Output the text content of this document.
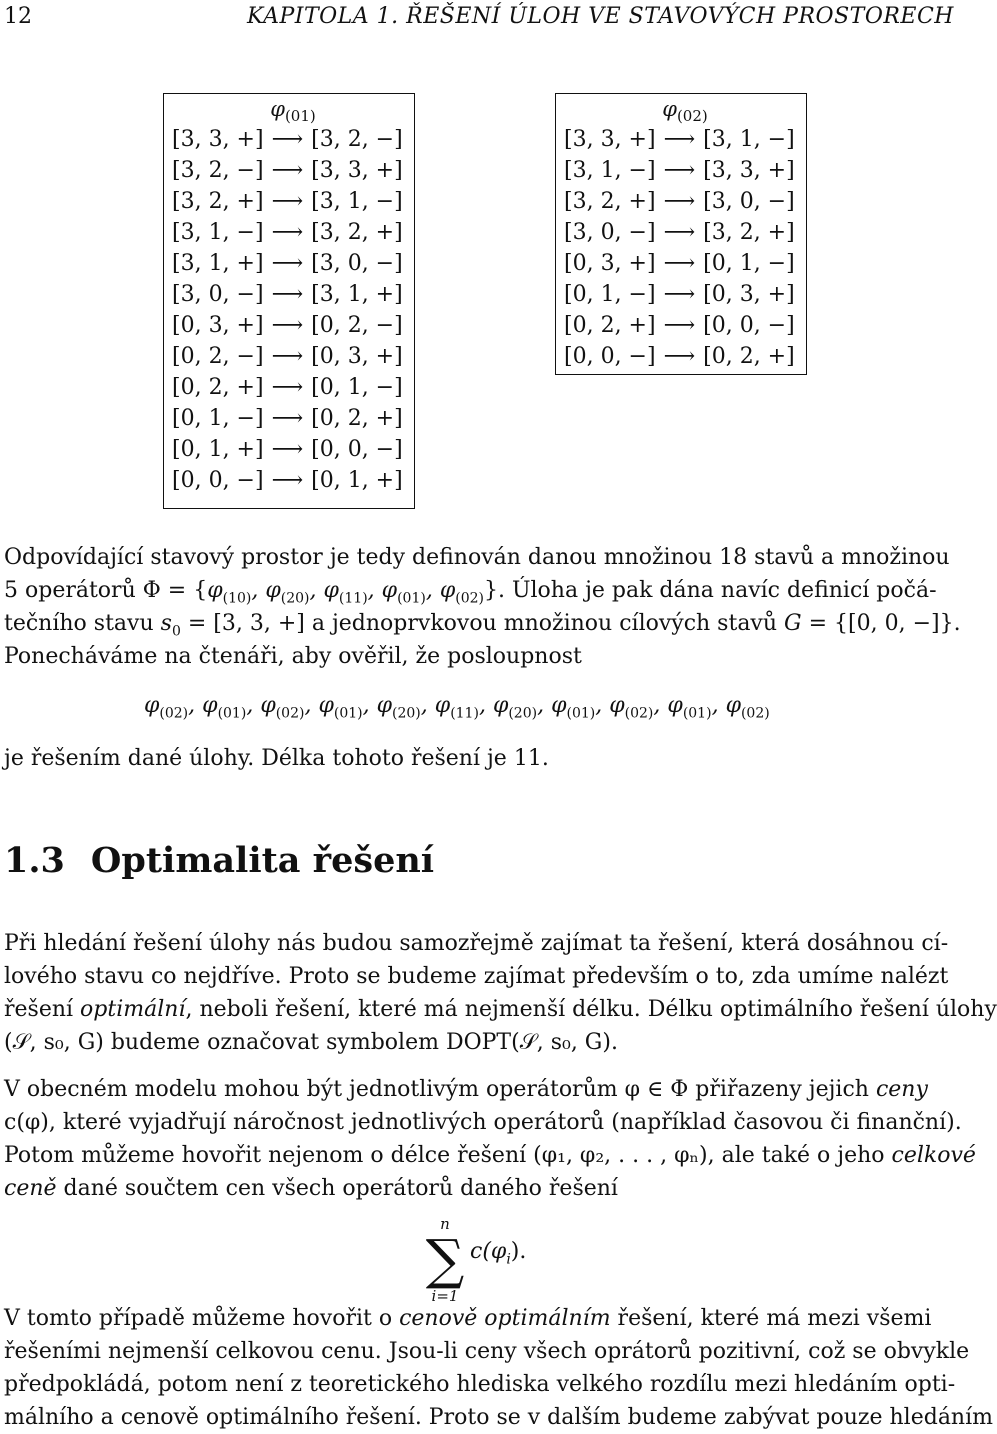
12	KAPITOLA 1. ŘEŠENÍ ÚLOH VE STAVOVÝCH PROSTORECH
$\varphi_{(01)}$
[3, 3, +] ⟶ [3, 2, −]
[3, 2, −] ⟶ [3, 3, +]
[3, 2, +] ⟶ [3, 1, −]
[3, 1, −] ⟶ [3, 2, +]
[3, 1, +] ⟶ [3, 0, −]
[3, 0, −] ⟶ [3, 1, +]
[0, 3, +] ⟶ [0, 2, −]
[0, 2, −] ⟶ [0, 3, +]
[0, 2, +] ⟶ [0, 1, −]
[0, 1, −] ⟶ [0, 2, +]
[0, 1, +] ⟶ [0, 0, −]
[0, 0, −] ⟶ [0, 1, +]
$\varphi_{(02)}$
[3, 3, +] ⟶ [3, 1, −]
[3, 1, −] ⟶ [3, 3, +]
[3, 2, +] ⟶ [3, 0, −]
[3, 0, −] ⟶ [3, 2, +]
[0, 3, +] ⟶ [0, 1, −]
[0, 1, −] ⟶ [0, 3, +]
[0, 2, +] ⟶ [0, 0, −]
[0, 0, −] ⟶ [0, 2, +]
Odpovídající stavový prostor je tedy definován danou množinou 18 stavů a množinou
5 operátorů $\Phi = \{\varphi_{(10)}$, $\varphi_{(20)}$, $\varphi_{(11)}$, $\varphi_{(01)}$, $\varphi_{(02)}$}. Úloha je pak dána navíc definicí počá-
tečního stavu $s_0 = [3$, 3, +] a jednoprvkovou množinou cílových stavů G = {[0, 0, −]}.
Ponecháváme na čtenáři, aby ověřil, že posloupnost
$\varphi_{(02)}$, $\varphi_{(01)}$, $\varphi_{(02)}$, $\varphi_{(01)}$, $\varphi_{(20)}$, $\varphi_{(11)}$, $\varphi_{(20)}$, $\varphi_{(01)}$, $\varphi_{(02)}$, $\varphi_{(01)}$, $\varphi_{(02)}$
je řešením dané úlohy. Délka tohoto řešení je 11.
1.3 Optimalita řešení
Při hledání řešení úlohy nás budou samozřejmě zajímat ta řešení, která dosáhnou cí-
lového stavu co nejdříve. Proto se budeme zajímat především o to, zda umíme nalézt
řešení optimální, neboli řešení, které má nejmenší délku. Délku optimálního řešení úlohy
(𝒮, s₀, G) budeme označovat symbolem DOPT(𝒮, s₀, G).
V obecném modelu mohou být jednotlivým operátorům φ ∈ Φ přiřazeny jejich ceny
c(φ), které vyjadřují náročnost jednotlivých operátorů (například časovou či finanční).
Potom můžeme hovořit nejenom o délce řešení (φ₁, φ₂, . . . , φₙ), ale také o jeho celkové
ceně dané součtem cen všech operátorů daného řešení
n
∑
i=1
$c(\varphi_i)$.
V tomto případě můžeme hovořit o cenově optimálním řešení, které má mezi všemi
řešeními nejmenší celkovou cenu. Jsou-li ceny všech oprátorů pozitivní, což se obvykle
předpokládá, potom není z teoretického hlediska velkého rozdílu mezi hledáním opti-
málního a cenově optimálního řešení. Proto se v dalším budeme zabývat pouze hledáním
